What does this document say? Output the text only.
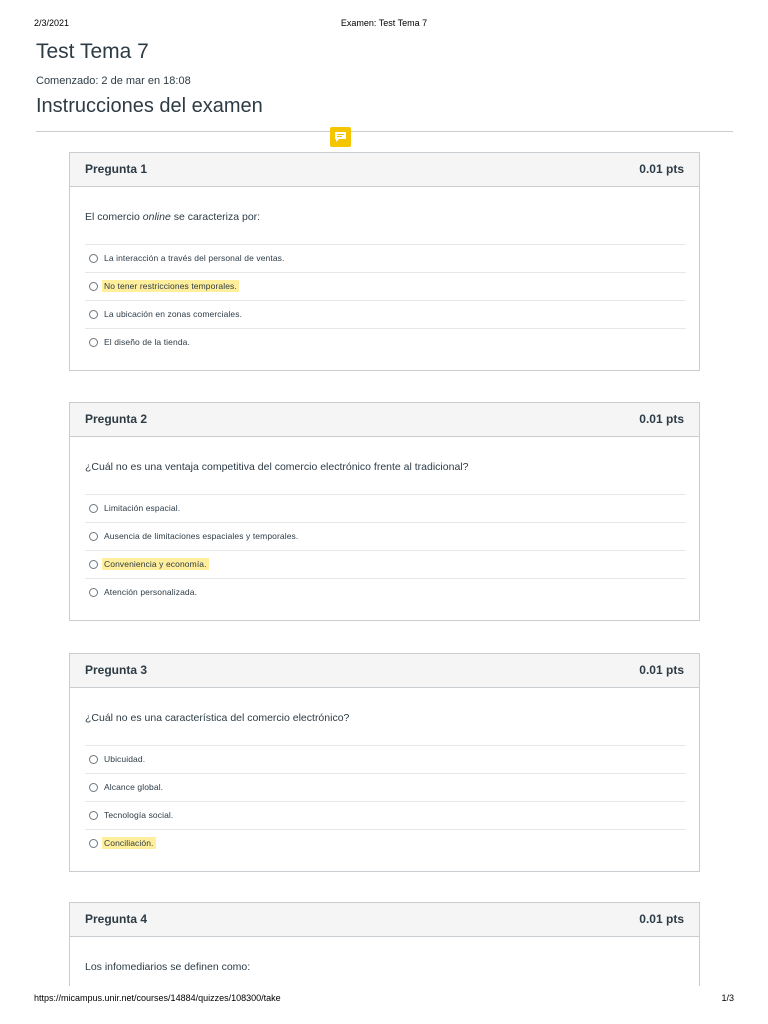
2/3/2021	Examen: Test Tema 7
Test Tema 7
Comenzado: 2 de mar en 18:08
Instrucciones del examen
Pregunta 1	0.01 pts
El comercio online se caracteriza por:
La interacción a través del personal de ventas.
No tener restricciones temporales.
La ubicación en zonas comerciales.
El diseño de la tienda.
Pregunta 2	0.01 pts
¿Cuál no es una ventaja competitiva del comercio electrónico frente al tradicional?
Limitación espacial.
Ausencia de limitaciones espaciales y temporales.
Conveniencia y economía.
Atención personalizada.
Pregunta 3	0.01 pts
¿Cuál no es una característica del comercio electrónico?
Ubicuidad.
Alcance global.
Tecnología social.
Conciliación.
Pregunta 4	0.01 pts
Los infomediarios se definen como:
https://micampus.unir.net/courses/14884/quizzes/108300/take	1/3
